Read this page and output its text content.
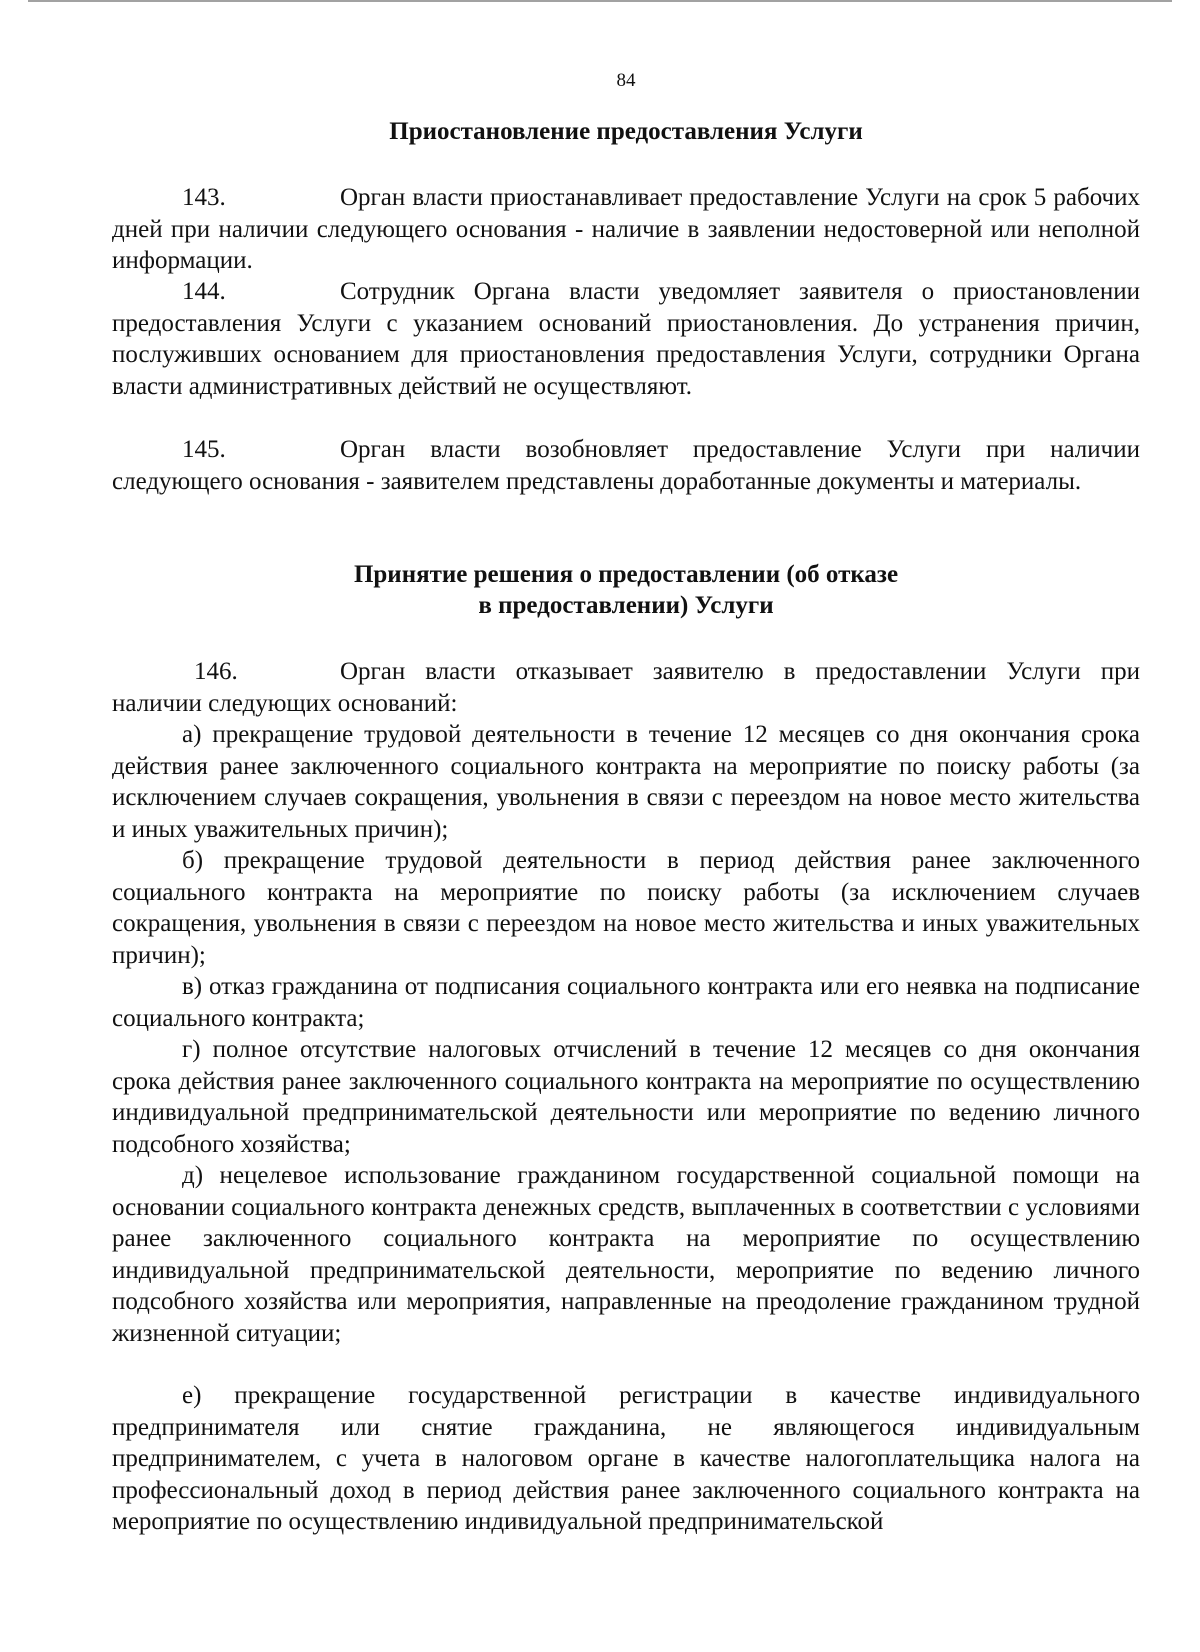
84
Приостановление предоставления Услуги

143.	Орган власти приостанавливает предоставление Услуги на срок 5 рабочих дней при наличии следующего основания - наличие в заявлении недостоверной или неполной информации.

144.	Сотрудник Органа власти уведомляет заявителя о приостановлении предоставления Услуги с указанием оснований приостановления. До устранения причин, послуживших основанием для приостановления предоставления Услуги, сотрудники Органа власти административных действий не осуществляют.

145.	Орган власти возобновляет предоставление Услуги при наличии следующего основания - заявителем представлены доработанные документы и материалы.

Принятие решения о предоставлении (об отказе
в предоставлении) Услуги

146.	Орган власти отказывает заявителю в предоставлении Услуги при наличии следующих оснований:

а) прекращение трудовой деятельности в течение 12 месяцев со дня окончания срока действия ранее заключенного социального контракта на мероприятие по поиску работы (за исключением случаев сокращения, увольнения в связи с переездом на новое место жительства и иных уважительных причин);

б) прекращение трудовой деятельности в период действия ранее заключенного социального контракта на мероприятие по поиску работы (за исключением случаев сокращения, увольнения в связи с переездом на новое место жительства и иных уважительных причин);

в) отказ гражданина от подписания социального контракта или его неявка на подписание социального контракта;

г) полное отсутствие налоговых отчислений в течение 12 месяцев со дня окончания срока действия ранее заключенного социального контракта на мероприятие по осуществлению индивидуальной предпринимательской деятельности или мероприятие по ведению личного подсобного хозяйства;

д) нецелевое использование гражданином государственной социальной помощи на основании социального контракта денежных средств, выплаченных в соответствии с условиями ранее заключенного социального контракта на мероприятие по осуществлению индивидуальной предпринимательской деятельности, мероприятие по ведению личного подсобного хозяйства или мероприятия, направленные на преодоление гражданином трудной жизненной ситуации;

е) прекращение государственной регистрации в качестве индивидуального предпринимателя или снятие гражданина, не являющегося индивидуальным предпринимателем, с учета в налоговом органе в качестве налогоплательщика налога на профессиональный доход в период действия ранее заключенного социального контракта на мероприятие по осуществлению индивидуальной предпринимательской
